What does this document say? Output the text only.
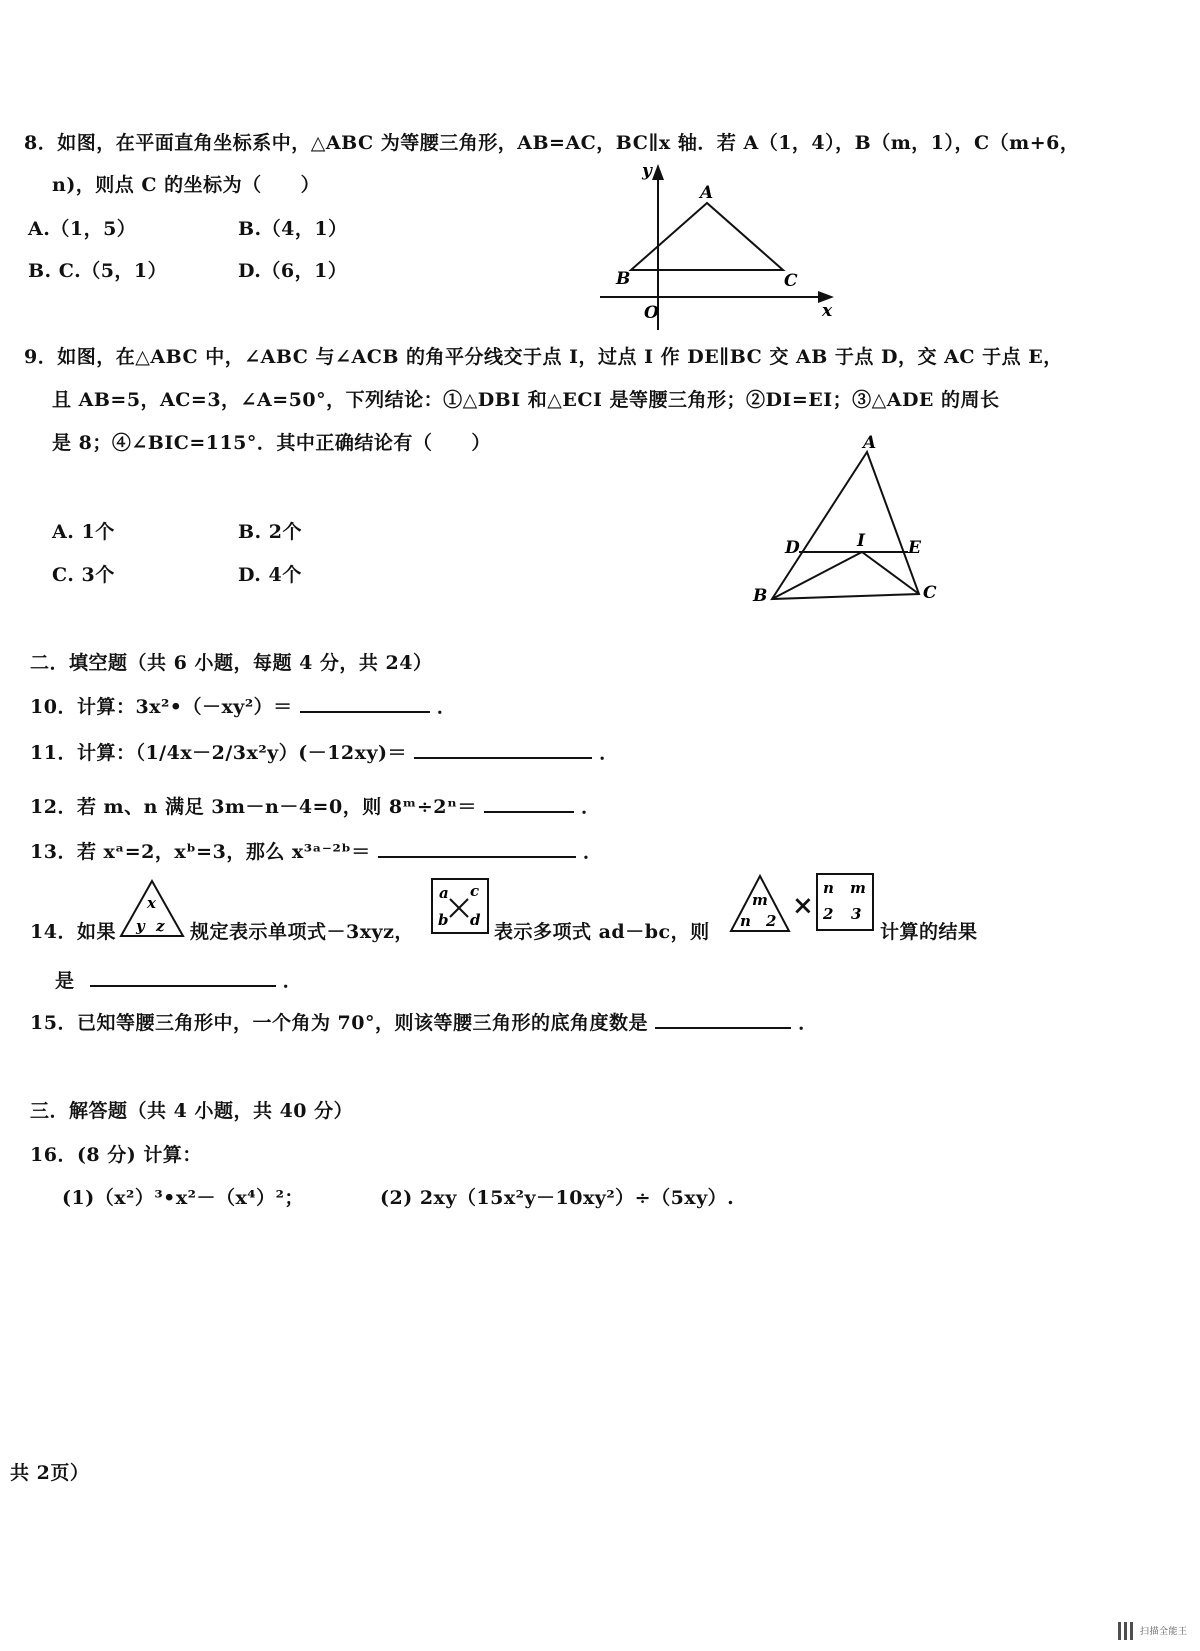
8．如图，在平面直角坐标系中，△ABC 为等腰三角形，AB=AC，BC∥x 轴．若 A（1，4），B（m，1），C（m+6，
n)，则点 C 的坐标为（　　）
A.（1，5）	B.（4，1）
B. C.（5，1）	D.（6，1）
y
x
O
A
B	C
9．如图，在△ABC 中，∠ABC 与∠ACB 的角平分线交于点 I，过点 I 作 DE∥BC 交 AB 于点 D，交 AC 于点 E，
且 AB=5，AC=3，∠A=50°，下列结论：①△DBI 和△ECI 是等腰三角形；②DI=EI；③△ADE 的周长
是 8；④∠BIC=115°．其中正确结论有（　　）
A. 1个	B. 2个
C. 3个	D. 4个
A
B	C
D	E
I
二．填空题（共 6 小题，每题 4 分，共 24）
10．计算：3x²•（－xy²）＝	．
11．计算：（1/4x－2/3x²y）(－12xy)＝	．
12．若 m、n 满足 3m－n－4=0，则 8ᵐ÷2ⁿ＝	．
13．若 xᵃ=2，xᵇ=3，那么 x³ᵃ⁻²ᵇ＝	．
14．如果
x
y z 规定表示单项式－3xyz，
a c
b d
表示多项式 ad－bc，则
m
n 2 ×
n m
2 3
计算的结果
是	．
15．已知等腰三角形中，一个角为 70°，则该等腰三角形的底角度数是	．
三．解答题（共 4 小题，共 40 分）
16．(8 分) 计算：
(1)（x²）³•x²－（x⁴）²；	(2) 2xy（15x²y－10xy²）÷（5xy）.
共 2页）
扫描全能王
